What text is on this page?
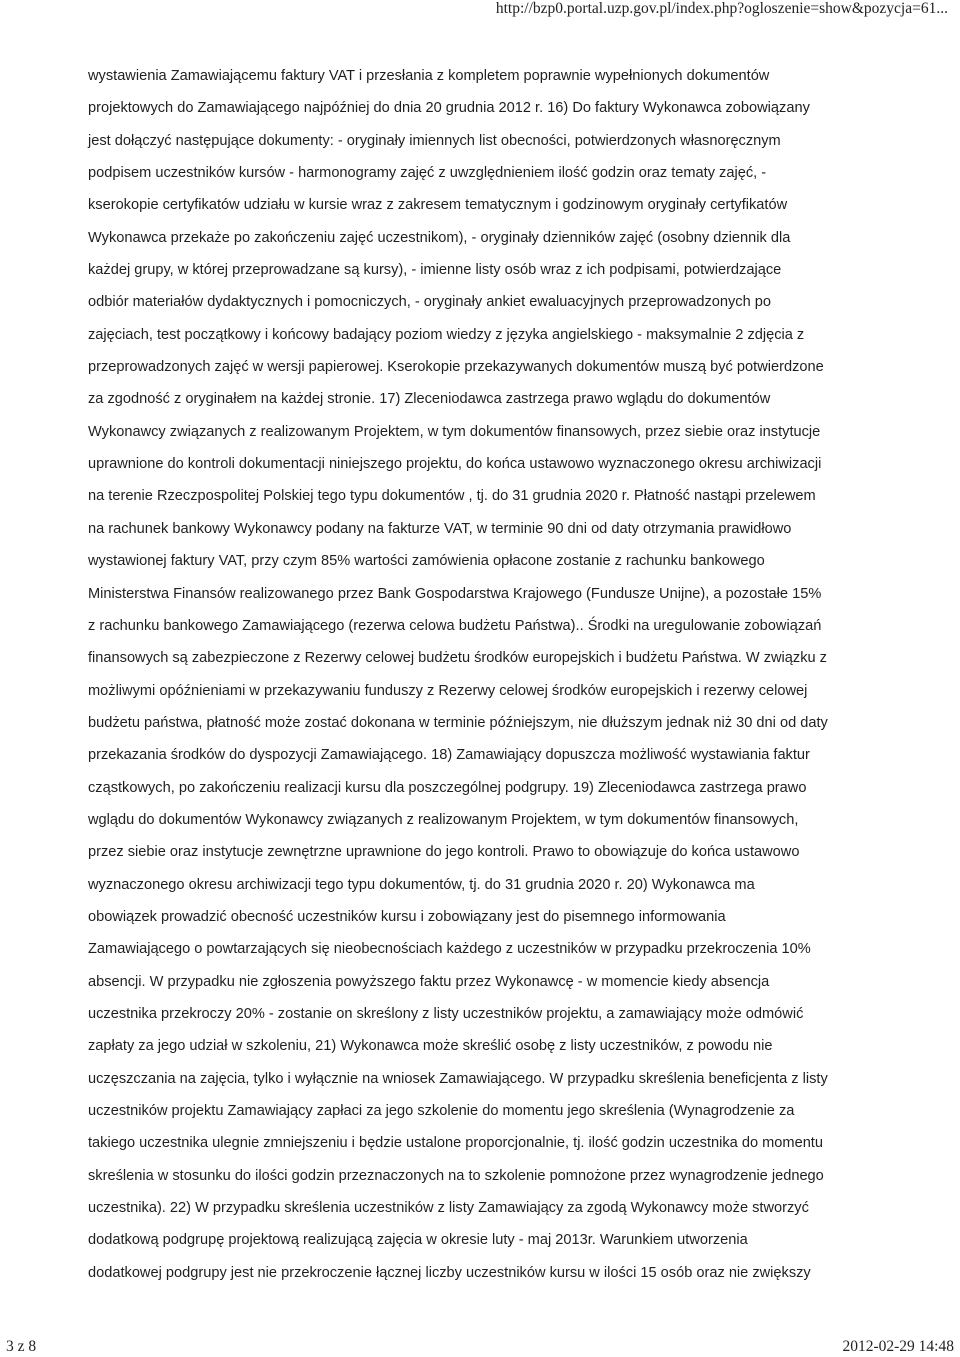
http://bzp0.portal.uzp.gov.pl/index.php?ogloszenie=show&pozycja=61...
wystawienia Zamawiającemu faktury VAT i przesłania z kompletem poprawnie wypełnionych dokumentów
projektowych do Zamawiającego najpóźniej do dnia 20 grudnia 2012 r. 16) Do faktury Wykonawca zobowiązany
jest dołączyć następujące dokumenty: - oryginały imiennych list obecności, potwierdzonych własnoręcznym
podpisem uczestników kursów - harmonogramy zajęć z uwzględnieniem ilość godzin oraz tematy zajęć, -
kserokopie certyfikatów udziału w kursie wraz z zakresem tematycznym i godzinowym oryginały certyfikatów
Wykonawca przekaże po zakończeniu zajęć uczestnikom), - oryginały dzienników zajęć (osobny dziennik dla
każdej grupy, w której przeprowadzane są kursy), - imienne listy osób wraz z ich podpisami, potwierdzające
odbiór materiałów dydaktycznych i pomocniczych, - oryginały ankiet ewaluacyjnych przeprowadzonych po
zajęciach, test początkowy i końcowy badający poziom wiedzy z języka angielskiego - maksymalnie 2 zdjęcia z
przeprowadzonych zajęć w wersji papierowej. Kserokopie przekazywanych dokumentów muszą być potwierdzone
za zgodność z oryginałem na każdej stronie. 17) Zleceniodawca zastrzega prawo wglądu do dokumentów
Wykonawcy związanych z realizowanym Projektem, w tym dokumentów finansowych, przez siebie oraz instytucje
uprawnione do kontroli dokumentacji niniejszego projektu, do końca ustawowo wyznaczonego okresu archiwizacji
na terenie Rzeczpospolitej Polskiej tego typu dokumentów , tj. do 31 grudnia 2020 r. Płatność nastąpi przelewem
na rachunek bankowy Wykonawcy podany na fakturze VAT, w terminie 90 dni od daty otrzymania prawidłowo
wystawionej faktury VAT, przy czym 85% wartości zamówienia opłacone zostanie z rachunku bankowego
Ministerstwa Finansów realizowanego przez Bank Gospodarstwa Krajowego (Fundusze Unijne), a pozostałe 15%
z rachunku bankowego Zamawiającego (rezerwa celowa budżetu Państwa).. Środki na uregulowanie zobowiązań
finansowych są zabezpieczone z Rezerwy celowej budżetu środków europejskich i budżetu Państwa. W związku z
możliwymi opóźnieniami w przekazywaniu funduszy z Rezerwy celowej środków europejskich i rezerwy celowej
budżetu państwa, płatność może zostać dokonana w terminie późniejszym, nie dłuższym jednak niż 30 dni od daty
przekazania środków do dyspozycji Zamawiającego. 18) Zamawiający dopuszcza możliwość wystawiania faktur
cząstkowych, po zakończeniu realizacji kursu dla poszczególnej podgrupy. 19) Zleceniodawca zastrzega prawo
wglądu do dokumentów Wykonawcy związanych z realizowanym Projektem, w tym dokumentów finansowych,
przez siebie oraz instytucje zewnętrzne uprawnione do jego kontroli. Prawo to obowiązuje do końca ustawowo
wyznaczonego okresu archiwizacji tego typu dokumentów, tj. do 31 grudnia 2020 r. 20) Wykonawca ma
obowiązek prowadzić obecność uczestników kursu i zobowiązany jest do pisemnego informowania
Zamawiającego o powtarzających się nieobecnościach każdego z uczestników w przypadku przekroczenia 10%
absencji. W przypadku nie zgłoszenia powyższego faktu przez Wykonawcę - w momencie kiedy absencja
uczestnika przekroczy 20% - zostanie on skreślony z listy uczestników projektu, a zamawiający może odmówić
zapłaty za jego udział w szkoleniu, 21) Wykonawca może skreślić osobę z listy uczestników, z powodu nie
uczęszczania na zajęcia, tylko i wyłącznie na wniosek Zamawiającego. W przypadku skreślenia beneficjenta z listy
uczestników projektu Zamawiający zapłaci za jego szkolenie do momentu jego skreślenia (Wynagrodzenie za
takiego uczestnika ulegnie zmniejszeniu i będzie ustalone proporcjonalnie, tj. ilość godzin uczestnika do momentu
skreślenia w stosunku do ilości godzin przeznaczonych na to szkolenie pomnożone przez wynagrodzenie jednego
uczestnika). 22) W przypadku skreślenia uczestników z listy Zamawiający za zgodą Wykonawcy może stworzyć
dodatkową podgrupę projektową realizującą zajęcia w okresie luty - maj 2013r. Warunkiem utworzenia
dodatkowej podgrupy jest nie przekroczenie łącznej liczby uczestników kursu w ilości 15 osób oraz nie zwiększy
3 z 8	2012-02-29 14:48
